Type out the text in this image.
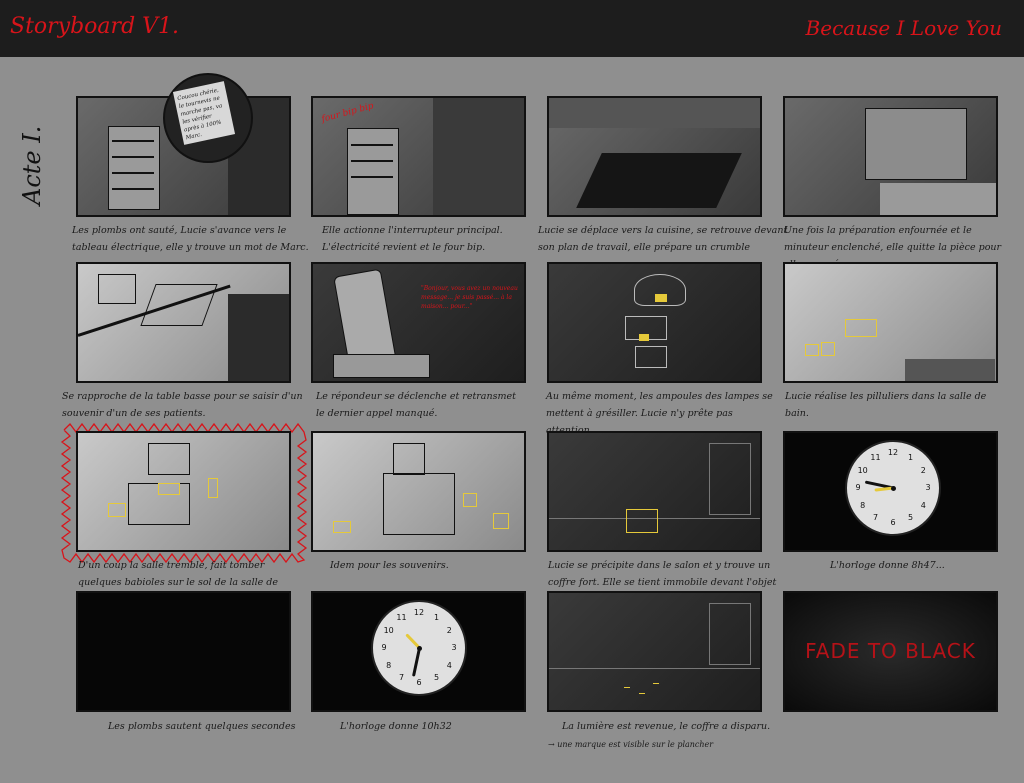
Storyboard V1.	Because I Love You
Acte I.
Coucou chérie, le tournevis ne marche pas, va les vérifier après à 100% Marc.
Les plombs ont sauté, Lucie s'avance vers le tableau électrique, elle y trouve un mot de Marc.
four bip bip
Elle actionne l'interrupteur principal. L'électricité revient et le four bip.
Lucie se déplace vers la cuisine, se retrouve devant son plan de travail, elle prépare un crumble
Une fois la préparation enfournée et le minuteur enclenché, elle quitte la pièce pour
Se rapproche de la table basse pour se saisir d'un souvenir d'un de ses patients.
"Bonjour, vous avez un nouveau message... je suis passé... à la maison... pour..."
Le répondeur se déclenche et retransmet le dernier appel manqué.
Au même moment, les ampoules des lampes se mettent à grésiller. Lucie n'y prête pas
Lucie réalise les pilluliers dans la salle de bain.
D'un coup la salle tremble, fait tomber quelques babioles sur le sol de la salle de
Idem pour les souvenirs.	Lucie se précipite dans le salon et y trouve un coffre fort. Elle se tient immobile devant l'objet
12
1
2
3
4
5
6
7
8
9
10
11
L'horloge donne 8h47...
Les plombs sautent quelques secondes
12
1
2
3
4
5
6
7
8
9
10
11
L'horloge donne 10h32	La lumière est revenue, le coffre a disparu.
→ une marque est visible sur le plancher
FADE TO BLACK
